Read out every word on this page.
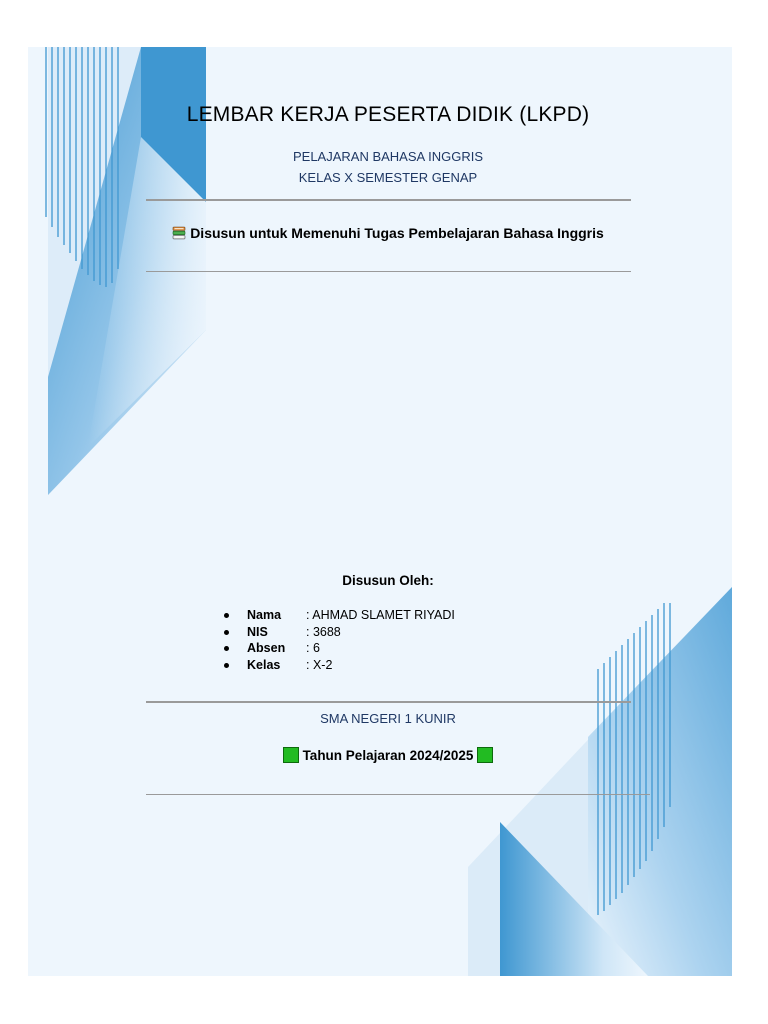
LEMBAR KERJA PESERTA DIDIK (LKPD)
PELAJARAN BAHASA INGGRIS
KELAS X SEMESTER GENAP
Disusun untuk Memenuhi Tugas Pembelajaran Bahasa Inggris
Disusun Oleh:
Nama : AHMAD SLAMET RIYADI
NIS	: 3688
Absen : 6
Kelas : X-2
SMA NEGERI 1 KUNIR
Tahun Pelajaran 2024/2025
